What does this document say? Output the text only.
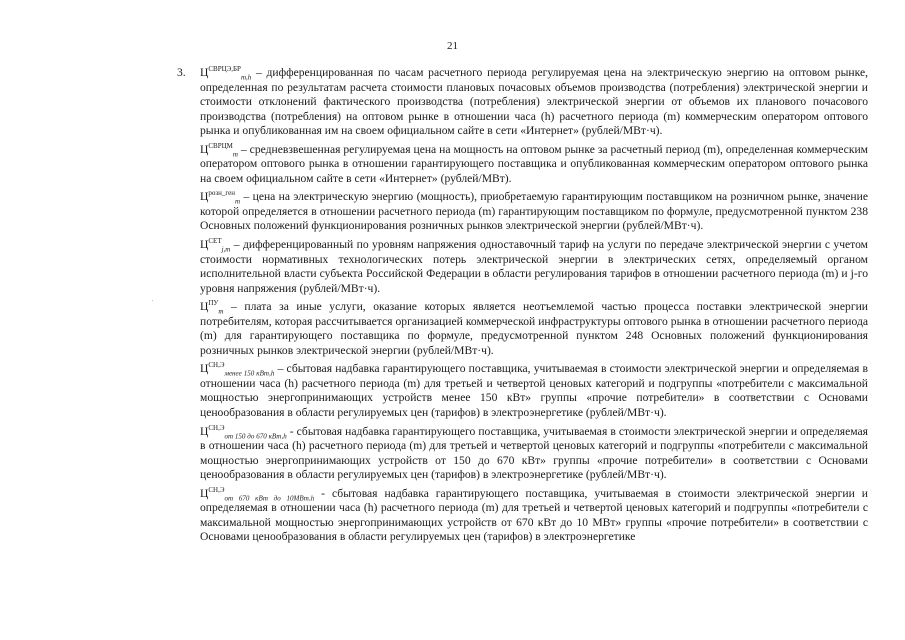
21
3. $Ц^{СВРЦЭ,БР}_{m,h}$ – дифференцированная по часам расчетного периода регулируемая цена на электрическую энергию на оптовом рынке, определенная по результатам расчета стоимости плановых почасовых объемов производства (потребления) электрической энергии и стоимости отклонений фактического производства (потребления) электрической энергии от объемов их планового почасового производства (потребления) на оптовом рынке в отношении часа (h) расчетного периода (m) коммерческим оператором оптового рынка и опубликованная им на своем официальном сайте в сети «Интернет» (рублей/МВт·ч).

$Ц^{СВРЦМ}_m$ – средневзвешенная регулируемая цена на мощность на оптовом рынке за расчетный период (m), определенная коммерческим оператором оптового рынка в отношении гарантирующего поставщика и опубликованная коммерческим оператором оптового рынка на своем официальном сайте в сети «Интернет» (рублей/МВт).

$Ц^{розн\_ген}_m$ – цена на электрическую энергию (мощность), приобретаемую гарантирующим поставщиком на розничном рынке, значение которой определяется в отношении расчетного периода (m) гарантирующим поставщиком по формуле, предусмотренной пунктом 238 Основных положений функционирования розничных рынков электрической энергии (рублей/МВт·ч).

$Ц^{СЕТ}_{j,m}$ – дифференцированный по уровням напряжения одноставочный тариф на услуги по передаче электрической энергии с учетом стоимости нормативных технологических потерь электрической энергии в электрических сетях, определяемый органом исполнительной власти субъекта Российской Федерации в области регулирования тарифов в отношении расчетного периода (m) и j-го уровня напряжения (рублей/МВт·ч).

$Ц^{ПУ}_m$ – плата за иные услуги, оказание которых является неотъемлемой частью процесса поставки электрической энергии потребителям, которая рассчитывается организацией коммерческой инфраструктуры оптового рынка в отношении расчетного периода (m) для гарантирующего поставщика по формуле, предусмотренной пунктом 248 Основных положений функционирования розничных рынков электрической энергии (рублей/МВт·ч).

$Ц^{СН,Э}_{менее 150 кВт,h}$ – сбытовая надбавка гарантирующего поставщика, учитываемая в стоимости электрической энергии и определяемая в отношении часа (h) расчетного периода (m) для третьей и четвертой ценовых категорий и подгруппы «потребители с максимальной мощностью энергопринимающих устройств менее 150 кВт» группы «прочие потребители» в соответствии с Основами ценообразования в области регулируемых цен (тарифов) в электроэнергетике (рублей/МВт·ч).

$Ц^{СН,Э}_{от 150 до 670 кВт,h}$ - сбытовая надбавка гарантирующего поставщика, учитываемая в стоимости электрической энергии и определяемая в отношении часа (h) расчетного периода (m) для третьей и четвертой ценовых категорий и подгруппы «потребители с максимальной мощностью энергопринимающих устройств от 150 до 670 кВт» группы «прочие потребители» в соответствии с Основами ценообразования в области регулируемых цен (тарифов) в электроэнергетике (рублей/МВт·ч).

$Ц^{СН,Э}_{от 670 кВт до 10МВт,h}$ - сбытовая надбавка гарантирующего поставщика, учитываемая в стоимости электрической энергии и определяемая в отношении часа (h) расчетного периода (m) для третьей и четвертой ценовых категорий и подгруппы «потребители с максимальной мощностью энергопринимающих устройств от 670 кВт до 10 МВт» группы «прочие потребители» в соответствии с Основами ценообразования в области регулируемых цен (тарифов) в электроэнергетике
